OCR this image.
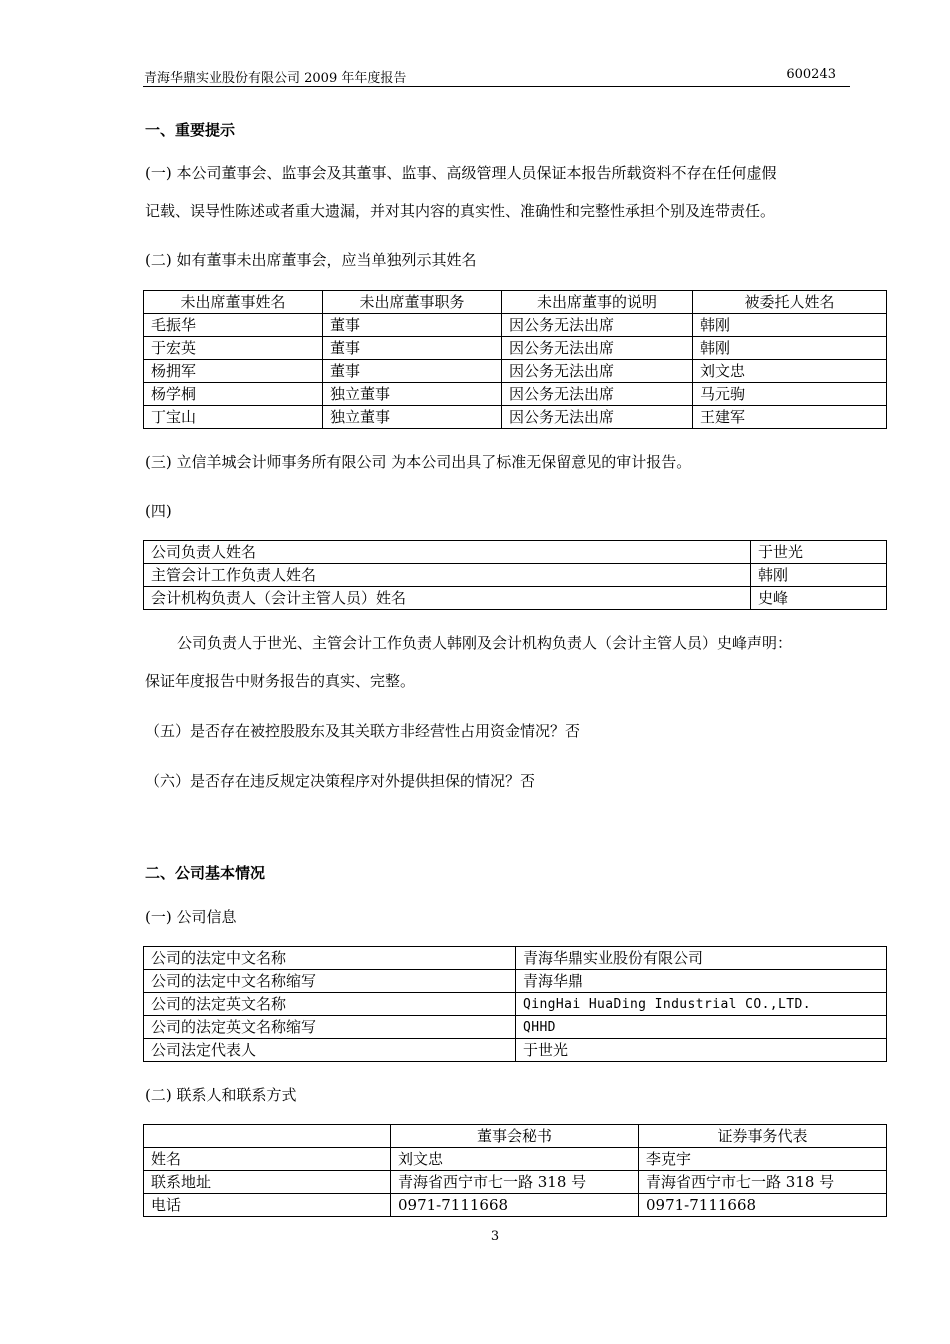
青海华鼎实业股份有限公司 2009 年年度报告	600243
一、重要提示
(一) 本公司董事会、监事会及其董事、监事、高级管理人员保证本报告所载资料不存在任何虚假
记载、误导性陈述或者重大遗漏，并对其内容的真实性、准确性和完整性承担个别及连带责任。
(二) 如有董事未出席董事会，应当单独列示其姓名
未出席董事姓名	未出席董事职务	未出席董事的说明	被委托人姓名
毛振华	董事	因公务无法出席	韩刚
于宏英	董事	因公务无法出席	韩刚
杨拥军	董事	因公务无法出席	刘文忠
杨学桐	独立董事	因公务无法出席	马元驹
丁宝山	独立董事	因公务无法出席	王建军
(三) 立信羊城会计师事务所有限公司 为本公司出具了标准无保留意见的审计报告。
(四)
公司负责人姓名	于世光
主管会计工作负责人姓名	韩刚
会计机构负责人（会计主管人员）姓名	史峰
公司负责人于世光、主管会计工作负责人韩刚及会计机构负责人（会计主管人员）史峰声明：
保证年度报告中财务报告的真实、完整。
（五）是否存在被控股股东及其关联方非经营性占用资金情况？否
（六）是否存在违反规定决策程序对外提供担保的情况？否
二、公司基本情况
(一) 公司信息
公司的法定中文名称	青海华鼎实业股份有限公司
公司的法定中文名称缩写	青海华鼎
公司的法定英文名称	QingHai HuaDing Industrial CO.,LTD.
公司的法定英文名称缩写	QHHD
公司法定代表人	于世光
(二) 联系人和联系方式
	董事会秘书	证券事务代表
姓名	刘文忠	李克宇
联系地址	青海省西宁市七一路 318 号	青海省西宁市七一路 318 号
电话	0971-7111668	0971-7111668
3
